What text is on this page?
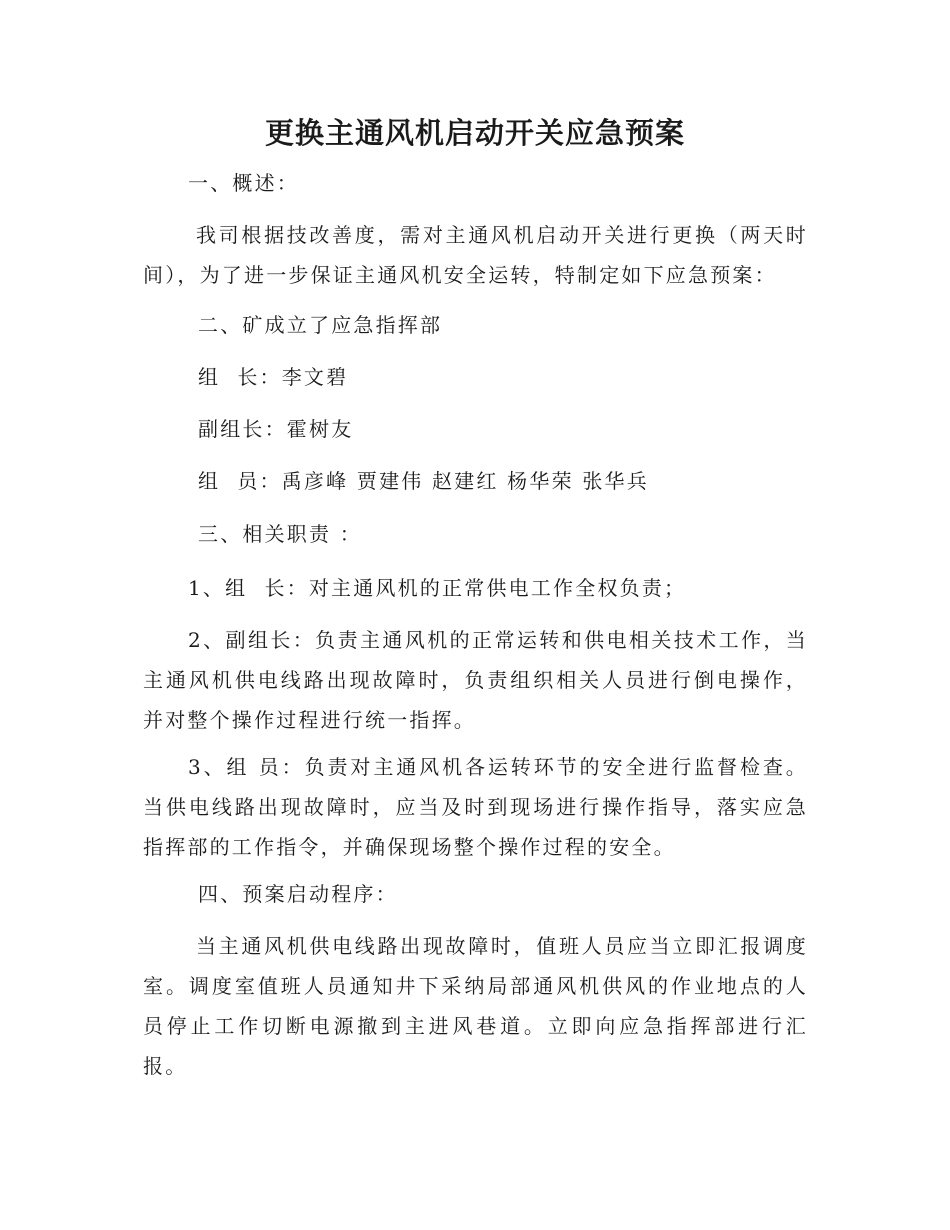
更换主通风机启动开关应急预案
一、概述：
我司根据技改善度，需对主通风机启动开关进行更换（两天时间），为了进一步保证主通风机安全运转，特制定如下应急预案：
二、矿成立了应急指挥部
组  长：李文碧
副组长：霍树友
组  员：禹彦峰 贾建伟 赵建红 杨华荣 张华兵
三、相关职责 ：
1、组  长：对主通风机的正常供电工作全权负责；
2、副组长：负责主通风机的正常运转和供电相关技术工作，当主通风机供电线路出现故障时，负责组织相关人员进行倒电操作，并对整个操作过程进行统一指挥。
3、组 员：负责对主通风机各运转环节的安全进行监督检查。当供电线路出现故障时，应当及时到现场进行操作指导，落实应急指挥部的工作指令，并确保现场整个操作过程的安全。
四、预案启动程序：
当主通风机供电线路出现故障时，值班人员应当立即汇报调度室。调度室值班人员通知井下采纳局部通风机供风的作业地点的人员停止工作切断电源撤到主进风巷道。立即向应急指挥部进行汇报。
